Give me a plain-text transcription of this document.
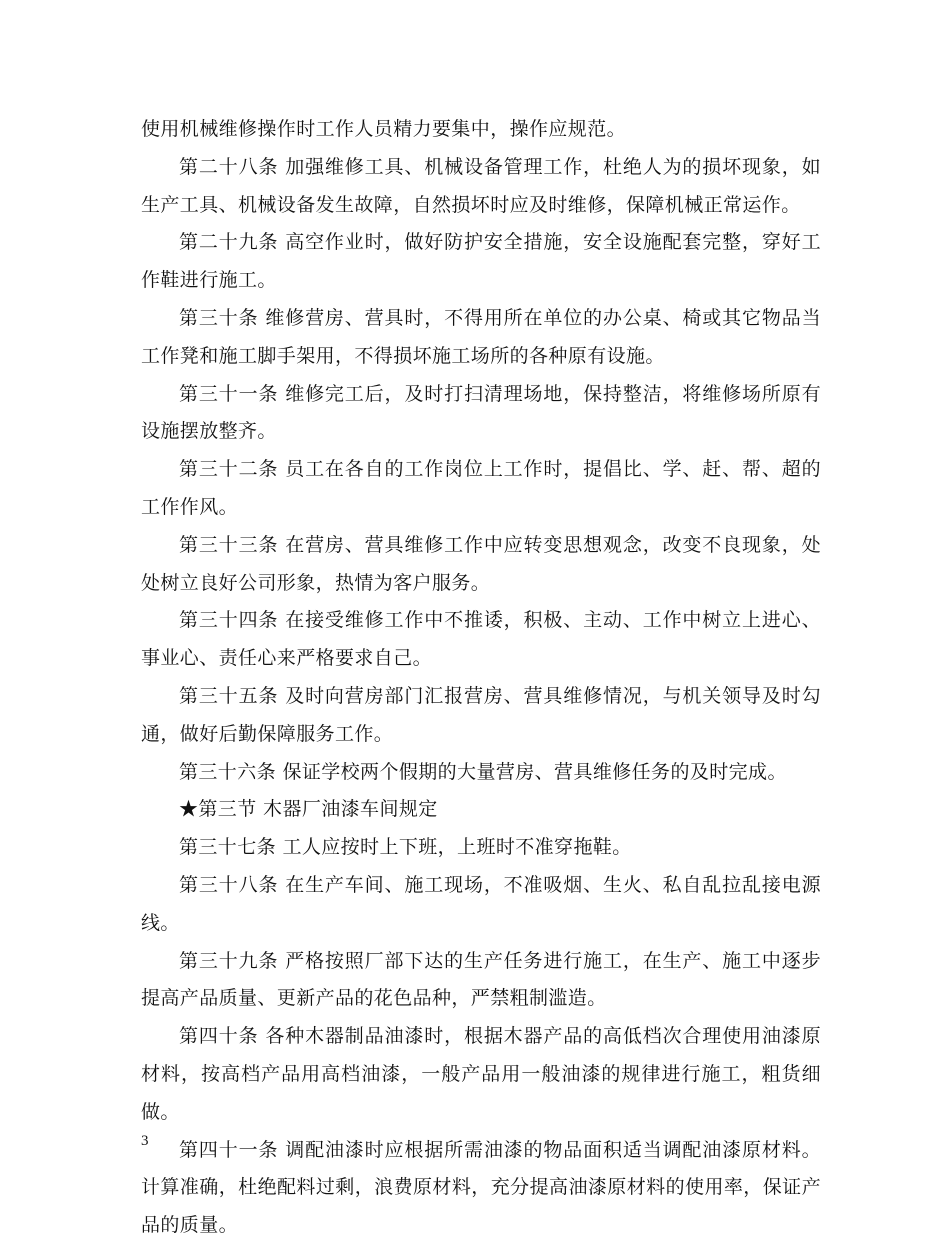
使用机械维修操作时工作人员精力要集中，操作应规范。

第二十八条 加强维修工具、机械设备管理工作，杜绝人为的损坏现象，如生产工具、机械设备发生故障，自然损坏时应及时维修，保障机械正常运作。

第二十九条 高空作业时，做好防护安全措施，安全设施配套完整，穿好工作鞋进行施工。

第三十条 维修营房、营具时，不得用所在单位的办公桌、椅或其它物品当工作凳和施工脚手架用，不得损坏施工场所的各种原有设施。

第三十一条 维修完工后，及时打扫清理场地，保持整洁，将维修场所原有设施摆放整齐。

第三十二条 员工在各自的工作岗位上工作时，提倡比、学、赶、帮、超的工作作风。

第三十三条 在营房、营具维修工作中应转变思想观念，改变不良现象，处处树立良好公司形象，热情为客户服务。

第三十四条 在接受维修工作中不推诿，积极、主动、工作中树立上进心、事业心、责任心来严格要求自己。

第三十五条 及时向营房部门汇报营房、营具维修情况，与机关领导及时勾通，做好后勤保障服务工作。

第三十六条 保证学校两个假期的大量营房、营具维修任务的及时完成。

★第三节 木器厂油漆车间规定

第三十七条 工人应按时上下班，上班时不准穿拖鞋。

第三十八条 在生产车间、施工现场，不准吸烟、生火、私自乱拉乱接电源线。

第三十九条 严格按照厂部下达的生产任务进行施工，在生产、施工中逐步提高产品质量、更新产品的花色品种，严禁粗制滥造。

第四十条 各种木器制品油漆时，根据木器产品的高低档次合理使用油漆原材料，按高档产品用高档油漆，一般产品用一般油漆的规律进行施工，粗货细做。

第四十一条 调配油漆时应根据所需油漆的物品面积适当调配油漆原材料。计算准确，杜绝配料过剩，浪费原材料，充分提高油漆原材料的使用率，保证产品的质量。

3
